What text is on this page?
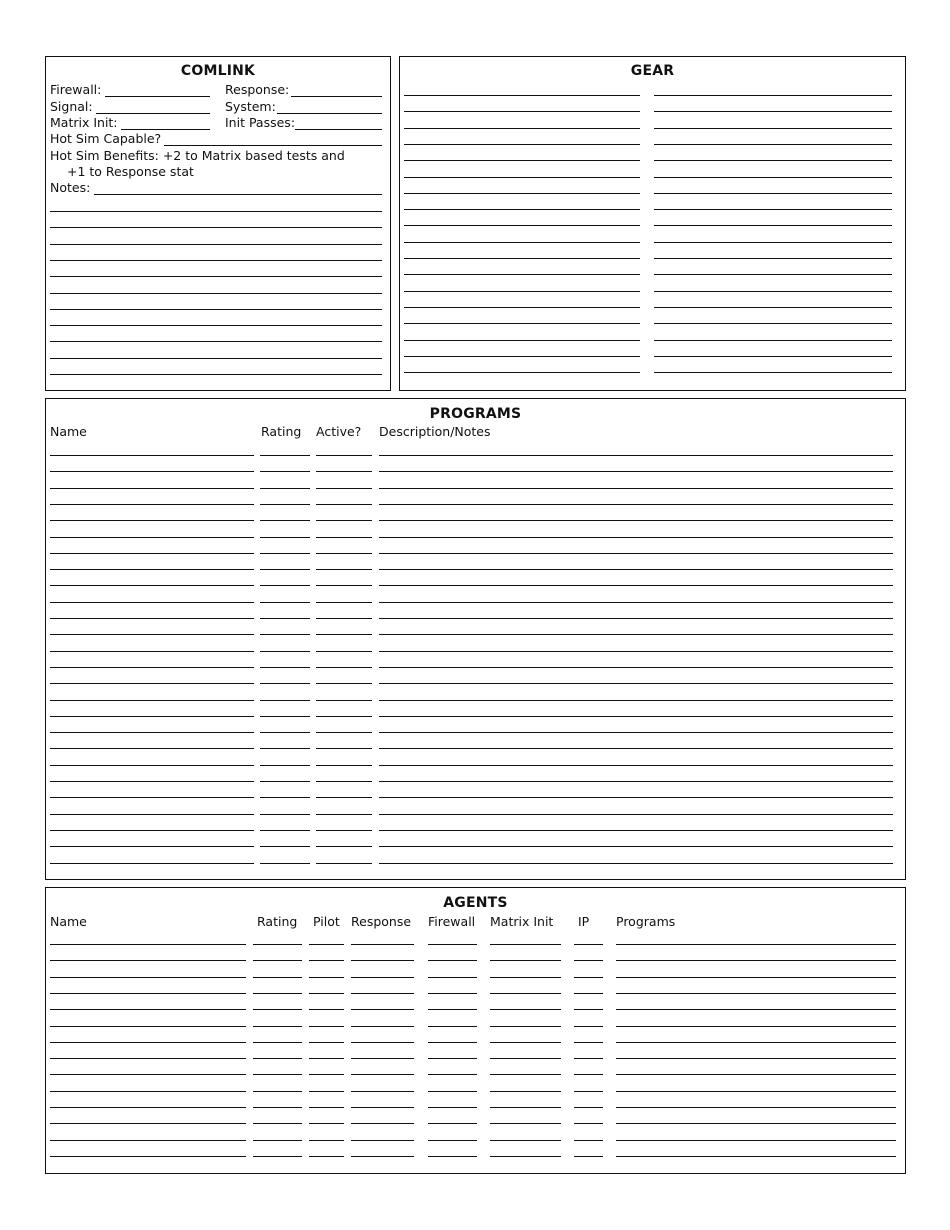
COMLINK
Firewall:	Response:
Signal:	System:
Matrix Init:	Init Passes:
Hot Sim Capable?
Hot Sim Benefits: +2 to Matrix based tests and
+1 to Response stat
Notes:
GEAR
PROGRAMS
Name	Rating Active? Description/Notes
AGENTS
Name	Rating Pilot Response Firewall Matrix Init IP Programs
